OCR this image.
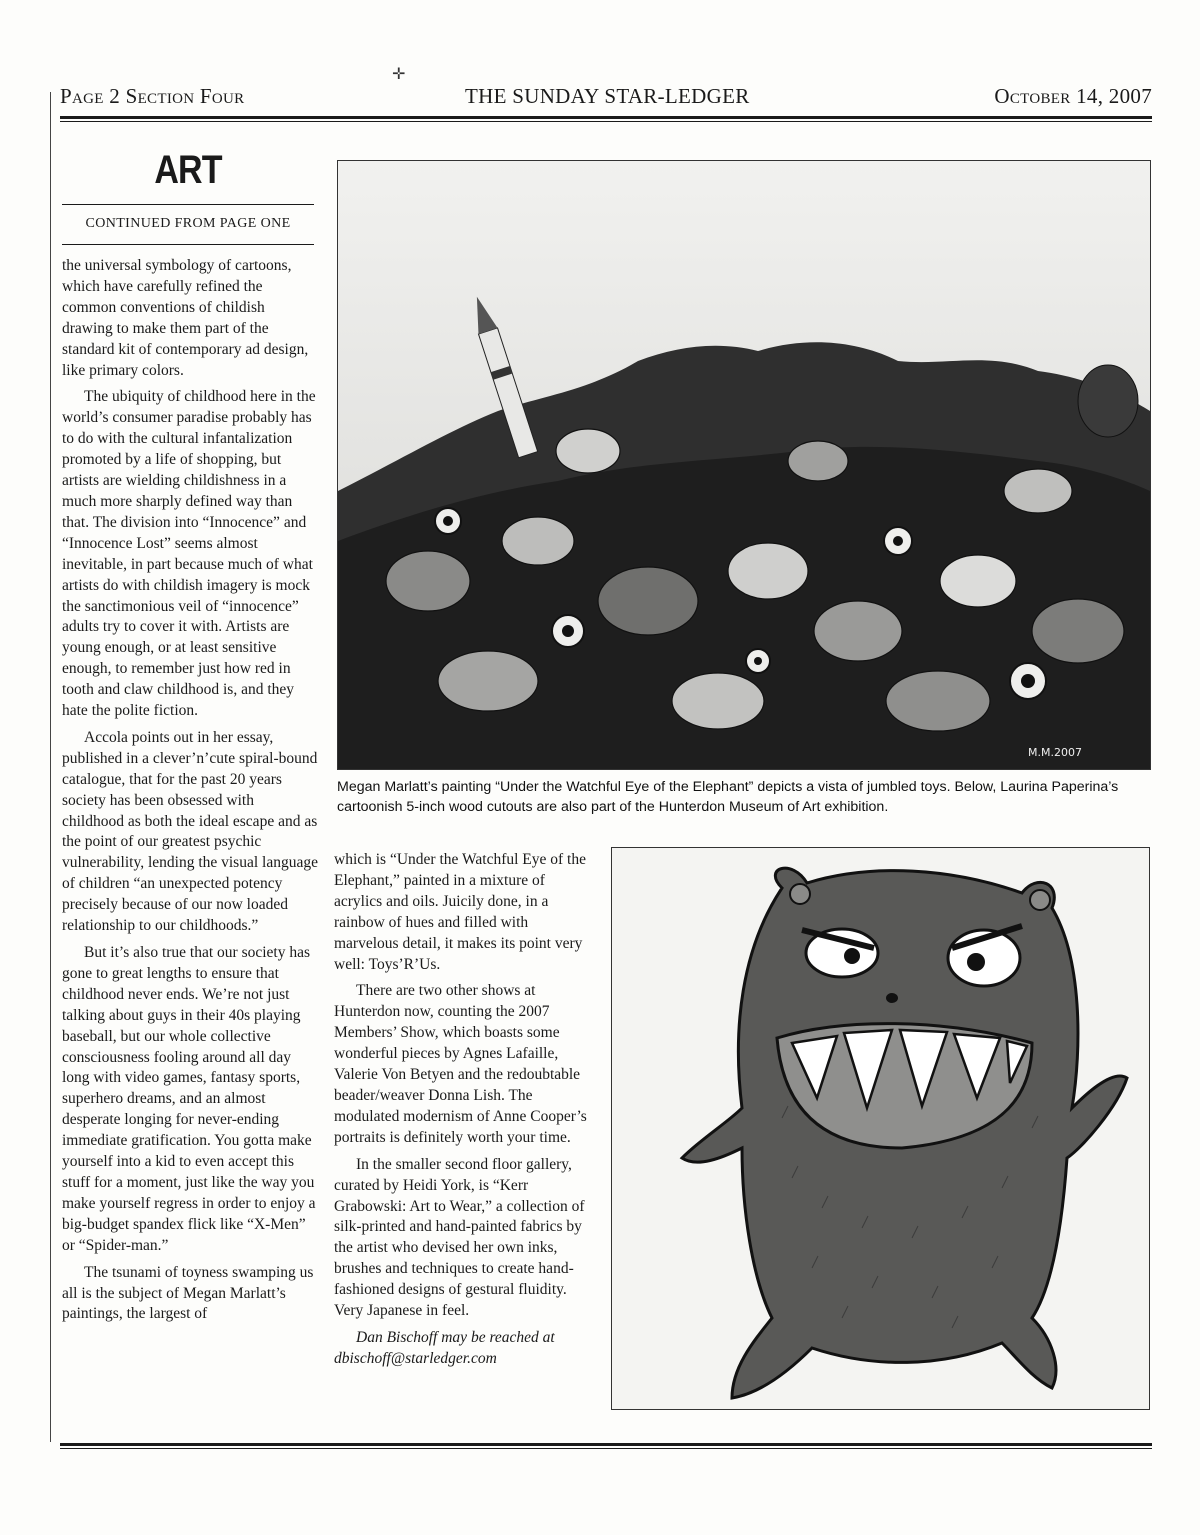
✛
Page 2 Section Four	THE SUNDAY STAR-LEDGER	October 14, 2007
ART
CONTINUED FROM PAGE ONE

the universal symbology of cartoons, which have carefully refined the common conventions of childish drawing to make them part of the standard kit of contemporary ad design, like primary colors.

The ubiquity of childhood here in the world’s consumer paradise probably has to do with the cultural infantalization promoted by a life of shopping, but artists are wielding childishness in a much more sharply defined way than that. The division into “Innocence” and “Innocence Lost” seems almost inevitable, in part because much of what artists do with childish imagery is mock the sanctimonious veil of “innocence” adults try to cover it with. Artists are young enough, or at least sensitive enough, to remember just how red in tooth and claw childhood is, and they hate the polite fiction.

Accola points out in her essay, published in a clever’n’cute spiral-bound catalogue, that for the past 20 years society has been obsessed with childhood as both the ideal escape and as the point of our greatest psychic vulnerability, lending the visual language of children “an unexpected potency precisely because of our now loaded relationship to our childhoods.”

But it’s also true that our society has gone to great lengths to ensure that childhood never ends. We’re not just talking about guys in their 40s playing baseball, but our whole collective consciousness fooling around all day long with video games, fantasy sports, superhero dreams, and an almost desperate longing for never-ending immediate gratification. You gotta make yourself into a kid to even accept this stuff for a moment, just like the way you make yourself regress in order to enjoy a big-budget spandex flick like “X-Men” or “Spider-man.”

The tsunami of toyness swamping us all is the subject of Megan Marlatt’s paintings, the largest of

M.M.2007
Megan Marlatt’s painting “Under the Watchful Eye of the Elephant” depicts a vista of jumbled toys. Below, Laurina Paperina’s cartoonish 5-inch wood cutouts are also part of the Hunterdon Museum of Art exhibition.

which is “Under the Watchful Eye of the Elephant,” painted in a mixture of acrylics and oils. Juicily done, in a rainbow of hues and filled with marvelous detail, it makes its point very well: Toys’R’Us.

There are two other shows at Hunterdon now, counting the 2007 Members’ Show, which boasts some wonderful pieces by Agnes Lafaille, Valerie Von Betyen and the redoubtable beader/weaver Donna Lish. The modulated modernism of Anne Cooper’s portraits is definitely worth your time.

In the smaller second floor gallery, curated by Heidi York, is “Kerr Grabowski: Art to Wear,” a collection of silk-printed and hand-painted fabrics by the artist who devised her own inks, brushes and techniques to create hand-fashioned designs of gestural fluidity. Very Japanese in feel.

Dan Bischoff may be reached at dbischoff@starledger.com
